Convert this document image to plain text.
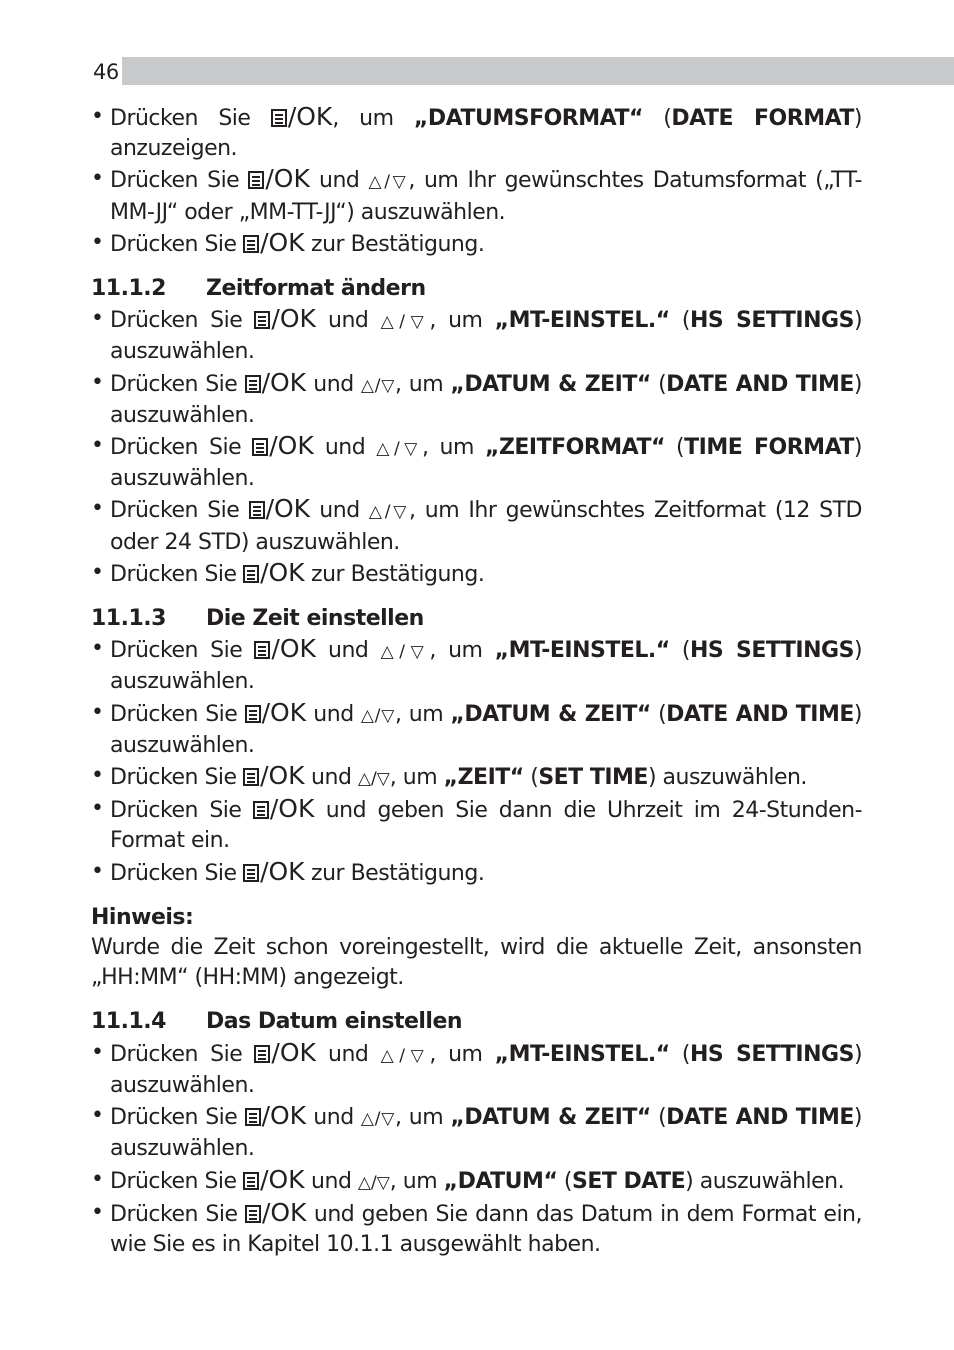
46
• Drücken Sie /OK, um „DATUMSFORMAT“ (DATE FORMAT) anzuzeigen.
• Drücken Sie /OK und △/▽, um Ihr gewünschtes Datumsformat („TT-MM-JJ“ oder „MM-TT-JJ“) auszuwählen.
• Drücken Sie /OK zur Bestätigung.
11.1.2 Zeitformat ändern
• Drücken Sie /OK und △/▽, um „MT-EINSTEL.“ (HS SETTINGS) auszuwählen.
• Drücken Sie /OK und △/▽, um „DATUM & ZEIT“ (DATE AND TIME) auszuwählen.
• Drücken Sie /OK und △/▽, um „ZEITFORMAT“ (TIME FORMAT) auszuwählen.
• Drücken Sie /OK und △/▽, um Ihr gewünschtes Zeitformat (12 STD oder 24 STD) auszuwählen.
• Drücken Sie /OK zur Bestätigung.
11.1.3 Die Zeit einstellen
• Drücken Sie /OK und △/▽, um „MT-EINSTEL.“ (HS SETTINGS) auszuwählen.
• Drücken Sie /OK und △/▽, um „DATUM & ZEIT“ (DATE AND TIME) auszuwählen.
• Drücken Sie /OK und △/▽, um „ZEIT“ (SET TIME) auszuwählen.
• Drücken Sie /OK und geben Sie dann die Uhrzeit im 24-Stunden-Format ein.
• Drücken Sie /OK zur Bestätigung.
Hinweis:
Wurde die Zeit schon voreingestellt, wird die aktuelle Zeit, ansonsten „HH:MM“ (HH:MM) angezeigt.
11.1.4 Das Datum einstellen
• Drücken Sie /OK und △/▽, um „MT-EINSTEL.“ (HS SETTINGS) auszuwählen.
• Drücken Sie /OK und △/▽, um „DATUM & ZEIT“ (DATE AND TIME) auszuwählen.
• Drücken Sie /OK und △/▽, um „DATUM“ (SET DATE) auszuwählen.
• Drücken Sie /OK und geben Sie dann das Datum in dem Format ein, wie Sie es in Kapitel 10.1.1 ausgewählt haben.
